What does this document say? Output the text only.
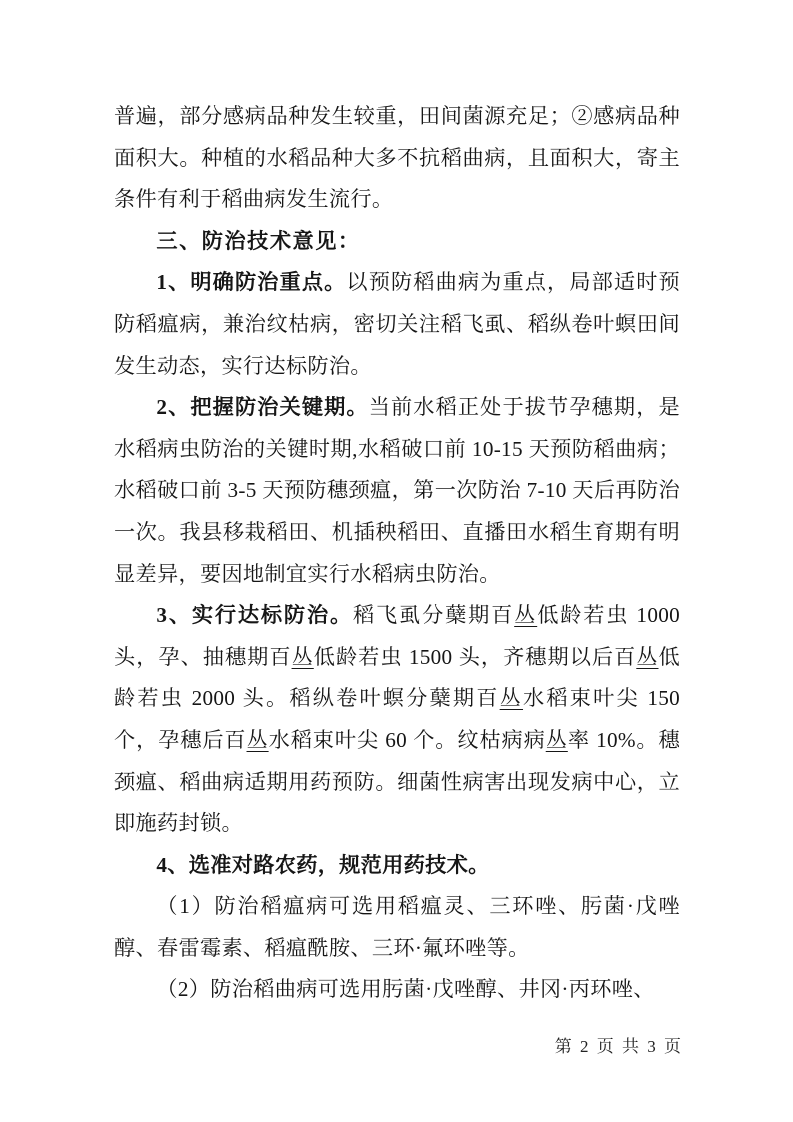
普遍，部分感病品种发生较重，田间菌源充足；②感病品种面积大。种植的水稻品种大多不抗稻曲病，且面积大，寄主条件有利于稻曲病发生流行。

三、防治技术意见：

1、明确防治重点。以预防稻曲病为重点，局部适时预防稻瘟病，兼治纹枯病，密切关注稻飞虱、稻纵卷叶螟田间发生动态，实行达标防治。

2、把握防治关键期。当前水稻正处于拔节孕穗期，是水稻病虫防治的关键时期,水稻破口前 10-15 天预防稻曲病；水稻破口前 3-5 天预防穗颈瘟，第一次防治 7-10 天后再防治一次。我县移栽稻田、机插秧稻田、直播田水稻生育期有明显差异，要因地制宜实行水稻病虫防治。

3、实行达标防治。稻飞虱分蘖期百丛低龄若虫 1000 头，孕、抽穗期百丛低龄若虫 1500 头，齐穗期以后百丛低龄若虫 2000 头。稻纵卷叶螟分蘖期百丛水稻束叶尖 150 个，孕穗后百丛水稻束叶尖 60 个。纹枯病病丛率 10%。穗颈瘟、稻曲病适期用药预防。细菌性病害出现发病中心，立即施药封锁。

4、选准对路农药，规范用药技术。

（1）防治稻瘟病可选用稻瘟灵、三环唑、肟菌·戊唑醇、春雷霉素、稻瘟酰胺、三环·氟环唑等。

（2）防治稻曲病可选用肟菌·戊唑醇、井冈·丙环唑、

第 2 页 共 3 页
